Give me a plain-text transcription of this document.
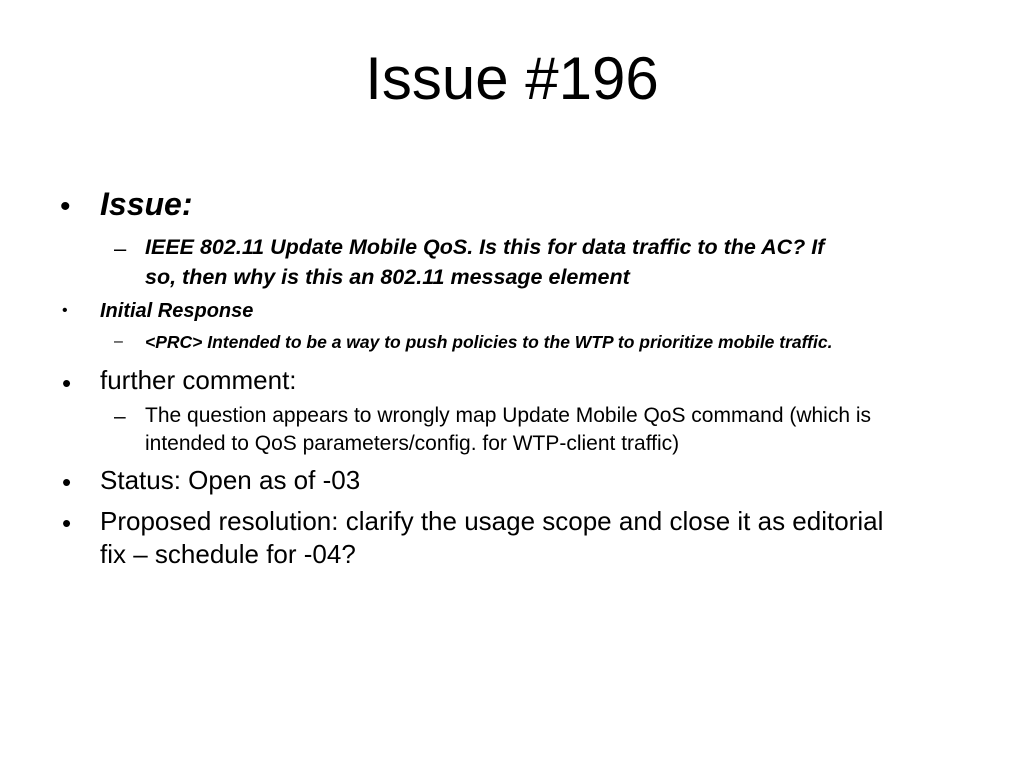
Issue #196
• Issue:
– IEEE 802.11 Update Mobile QoS. Is this for data traffic to the AC? If
so, then why is this an 802.11 message element
• Initial Response
– <PRC> Intended to be a way to push policies to the WTP to prioritize mobile traffic.
• further comment:
– The question appears to wrongly map Update Mobile QoS command (which is
intended to QoS parameters/config. for WTP-client traffic)
• Status: Open as of -03
• Proposed resolution: clarify the usage scope and close it as editorial
fix – schedule for -04?
